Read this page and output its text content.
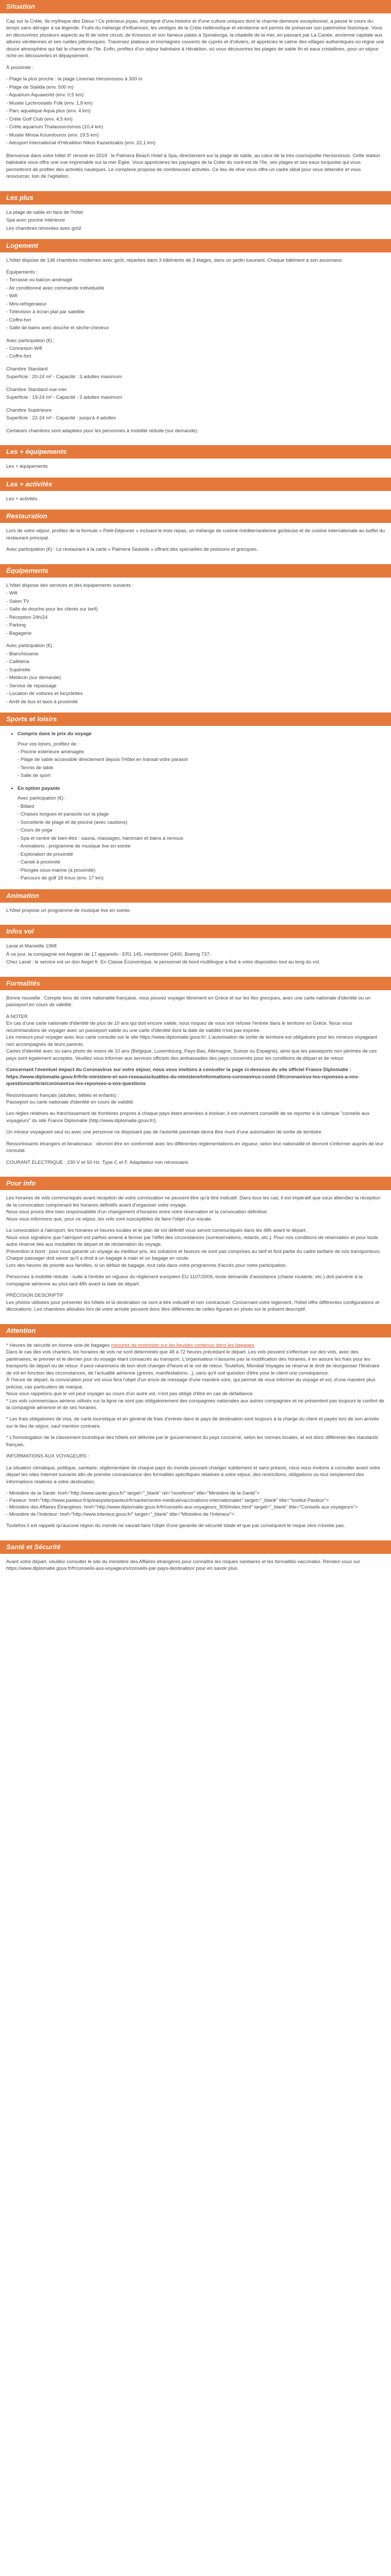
Situation

Cap sur la Crète, île mythique des Dieux ! Ce précieux joyau, imprégné d'une histoire et d'une culture uniques dont le charme demeure exceptionnel, a passé le cours du temps sans déroger à sa légende. Fruits du mélange d'influences, les vestiges de la Crète hellénistique et vénitienne ont permis de préserver son patrimoine historique. Vous en découvrirez plusieurs aspects au fil de votre circuit, de Knossos et son fameux palais à Spinalonga, la citadelle de la mer, en passant par La Canée, ancienne capitale aux allures vénitiennes et ses ruelles pittoresques. Traversez plateaux et montagnes couverts de cyprès et d'oliviers, et appréciez le calme des villages authentiques où règne une douce atmosphère qui fait le charme de l'île. Enfin, profitez d'un séjour balnéaire à Héraklion, où vous découvrirez les plages de sable fin et eaux cristallines, pour un séjour riche en découvertes et dépaysement.

À proximité :

- Plage la plus proche : la plage Limenas Hersonissou à 300 m
- Plage de Stalida (env. 500 m)
- Aquarium Aquaworld (env. 0,5 km)
- Musée Lychnostatis Folk (env. 1,8 km)
- Parc aquatique Aqua plus (env. 4 km)
- Crète Golf Club (env. 4,5 km)
- Crète aquarium Thalassocosmos (10,4 km)
- Musée Minoa Koundouros (env. 19,5 km)
- Aéroport International d'Héraklion Nikos Kazantzakis (env. 22,1 km)

Bienvenue dans votre hôtel 4* rénové en 2019 : le Palmera Beach Hotel à Spa, directement sur la plage de sable, au cœur de la très cosmopolite Hersonissos. Cette station balnéaire vous offre une vue imprenable sur la mer Égée. Vous apprécierez les paysages de la Crète du nord-est de l'île, ses plages et ses eaux turquoise qui vous permettront de profiter des activités nautiques. Le complexe propose de nombreuses activités. Ce lieu de rêve vous offre un cadre idéal pour vous détendre et vous ressourcer, loin de l'agitation.

Les plus
La plage de sable en face de l'hôtel
Spa avec piscine intérieure
Les chambres rénovées avec goût
Logement

L'hôtel dispose de 136 chambres modernes avec goût, réparties dans 3 bâtiments de 3 étages, dans un jardin luxuriant. Chaque bâtiment a son ascenseur.

Équipements :
- Terrasse ou balcon aménagé
- Air conditionné avec commande individuelle
- Wifi
- Mini-réfrigérateur
- Télévision à écran plat par satellite
- Coffre-fort
- Salle de bains avec douche et sèche-cheveux
Avec participation (€) :
- Connexion Wifi
- Coffre-fort
Chambre Standard
Superficie : 20-24 m² - Capacité : 3 adultes maximum
Chambre Standard vue mer
Superficie : 19-24 m² - Capacité : 3 adultes maximum
Chambre Supérieure
Superficie : 22-24 m² - Capacité : jusqu'à 4 adultes

Certaines chambres sont adaptées pour les personnes à mobilité réduite (sur demande).

Les + équipements
Les + équipements
Les + activités
Les + activités
Restauration

Lors de votre séjour, profitez de la formule « Petit-Déjeuner » incluant le trois repas, un mélange de cuisine méditerranéenne goûteuse et de cuisine internationale au buffet du restaurant principal.

Avec participation (€) : Le restaurant à la carte « Palmera Seaside » offrant des spécialités de poissons et grecques.

Équipements
L'hôtel dispose des services et des équipements suivants :
- Wifi
- Salon TV
- Salle de douche pour les clients sur tarif)
- Réception 24h/24
- Parking
- Bagagerie
Avec participation (€) :
- Blanchisserie
- Cafétéria
- Supérette
- Médecin (sur demande)
- Service de repassage
- Location de voitures et bicyclettes
- Arrêt de bus et taxis à proximité
Sports et loisirs
• Compris dans le prix du voyage
Pour vos loisirs, profitez de :
- Piscine extérieure aménagée
- Plage de sable accessible directement depuis l'Hôtel en transat votre parasol
- Tennis de table
- Salle de sport
• En option payante
Avec participation (€) :
- Billard
- Chaises longues et parasols sur la plage
- Sorcellerie de plage et de piscine (avec cautions)
- Cours de yoga
- Spa et centre de bien-être : sauna, massages, hammam et bains à remous
- Animations : programme de musique live en soirée
- Exploration de proximité
- Canoë à proximité
- Plongée sous-marine (à proximité)
- Parcours de golf 18 trous (env. 17 km)
Animation

L'hôtel propose un programme de musique live en soirée.

Infos vol
Laval et Marseille 1968
À ce jour, la compagnie est Aegean de 17 appareils - ER1 145, mentionner Q400, Boeing 737-

Chez Laval : le service est un don Aeget fr. En Classe Économique, le personnel de bord multilingue a fixé à votre disposition tout au long du vol.

Formalités

Bonne nouvelle : Compte tenu de votre nationalité française, vous pouvez voyager librement en Grèce et sur les îles grecques, avec une carte nationale d'identité ou un passeport en cours de validité.

A NOTER
En cas d'une carte nationale d'identité de plus de 10 ans qui doit encore valide, vous risquez de vous voir refuser l'entrée dans le territoire en Grèce. Nous vous recommandons de voyager avec un passeport valide ou une carte d'identité dont la date de validité n'est pas expirée.
Les mineurs pour voyager avec leur carte consulte sur le site https://www.diplomatie.gouv.fr/. L'autorisation de sortie de territoire est obligatoire pour les mineurs voyageant non accompagnés de leurs parents.
Cartes d'identité avec ou sans photo de moins de 10 ans (Belgique, Luxembourg, Pays-Bas, Allemagne, Suisse ou Espagne), ainsi que les passeports non périmés de ces pays sont également acceptés. Veuillez vous informer aux services officiels des ambassades des pays concernés pour les conditions de départ et de retour.

Concernant l'éventuel impact du Coronavirus sur votre séjour, nous vous invitons à consulter la page ci-dessous du site officiel France Diplomatie :
https://www.diplomatie.gouv.fr/fr/le-ministere-et-son-reseau/actualites-du-ministere/informations-coronavirus-covid-19/coronavirus-les-reponses-a-vos-questions/article/coronavirus-les-reponses-a-vos-questions

Ressortissants français (adultes, bébés et enfants) :
Passeport ou carte nationale d'identité en cours de validité.

Les règles relatives au franchissement de frontières propres à chaque pays étant amenées à évoluer, il est vivement conseillé de se reporter à la rubrique "conseils aux voyageurs" du site France Diplomatie (http://www.diplomatie.gouv.fr/).

Un mineur voyageant seul ou avec une personne ne disposant pas de l'autorité parentale devra être muni d'une autorisation de sortie de territoire.

Ressortissants étrangers et binationaux : devront être en conformité avec les différentes réglementations en vigueur, selon leur nationalité et devront s'informer auprès de leur consulat.

COURANT ÉLECTRIQUE : 230 V et 50 Hz. Type C et F. Adaptateur non nécessaire.

Pour info

Les horaires de vols communiqués avant réception de votre convocation ne peuvent être qu'à titre indicatif. Dans tous les cas, il est impératif que vous attendiez la réception de la convocation comprenant les horaires définitifs avant d'organiser votre voyage.
Nous vous prions être bien responsabilité d'un changement d'horaires entre votre réservation et la convocation définitive.
Nous vous informons que, pour ce séjour, les vols sont susceptibles de faire l'objet d'un escale.

La convocation à l'aéroport, les horaires et heures locales et le plan de vol définitif vous seront communiqués dans les 48h avant le départ.
Nous vous signalons que l'aéroport est parfois amené à fermer par l'effet des circonstances (surréservations, retards, etc.). Pour nos conditions de réservation et pour toute autre réserve liée aux modalités de départ et de réclamation du voyage.
Prévention à bord : pour nous garantir un voyage au meilleur prix, les solutions et faveurs ne sont pas comprises au tarif et font partie du cadre tarifaire de nos transporteurs. Chaque passager doit savoir qu'il a droit à un bagage à main et un bagage en soute.
Lors des heures de priorité aux familles, si un défaut de bagage, tout cela dans votre programme d'accès pour notre participation.

Personnes à mobilité réduite : suite à l'entrée en vigueur du règlement européen EU 1107/2006, toute demande d'assistance (chaise roulante, etc.) doit parvenir à la compagnie aérienne au plus tard 48h avant la date de départ.

PRÉCISION DESCRIPTIF
Les photos utilisées pour présenter les hôtels et la destination ne sont à titre indicatif et non contractuel. Concernant votre logement, l'hôtel offre différentes configurations et décorations. Les chambres allouées lors de votre arrivée peuvent donc être différentes de celles figurant en photo sur le présent descriptif.

Attention

* Heures de sécurité en bonne voie de bagages mesures de restriction sur les liquides contenus dans les bagages.
Dans le cas des vols charters, les horaires de vols ne sont déterminés que 48 à 72 heures précédant le départ. Les vols peuvent s'effectuer sur des vols, avec des partenaires, le premier et le dernier jour du voyage étant consacrés au transport. L'organisateur n'assume pas la modification des horaires, il en assure les frais pour les transports de départ ou de retour. Il peut néanmoins de bon droit changer d'heure et le vol de retour. Toutefois, Mondial Voyages se réserve le droit de réorganiser l'itinéraire de vol en fonction des circonstances, de l'actualité aérienne (grèves, manifestations...), sans qu'il soit question d'être pour le client une conséquence.
À l'heure de départ, la convocation pour vol vous fera l'objet d'un envoi de message d'une manière sûre, qui permet de vous informer du voyage et vol, d'une manière plus précise, cas particuliers de marque.
Nous vous rappelons que le vol peut voyager au cours d'un autre vol, n'est pas obligé d'être en cas de défaillance.
* Les vols commerciaux aériens utilisés sur la ligne ne sont pas obligatoirement des compagnies nationales aux autres compagnies et ne présentent pas toujours le confort de la compagnie aérienne et de ses horaires.

* Les frais obligatoires de visa, de carte touristique et en général de frais d'entrée dans le pays de destination sont toujours à la charge du client et payés lors de son arrivée sur le lieu de séjour, sauf mention contraire.

* L'homologation de la classement touristique des hôtels est délivrée par le gouvernement du pays concerné, selon les normes locales, et est donc différente des standards français.

INFORMATIONS AUX VOYAGEURS :

La situation climatique, politique, sanitaire, réglementaire de chaque pays du monde pouvant changer subitement et sans préavis, nous vous invitons à consulter avant votre départ les sites Internet suivants afin de prendre connaissance des formalités spécifiques relatives à votre séjour, des restrictions, obligations ou tout simplement des informations relatives à votre destination.

- Ministère de la Santé: href="http://www.sante.gouv.fr/" target="_blank" rel="noreferrer" title="Ministère de la Santé">
- Pasteur: href="http://www.pasteur.fr/ip/easysite/pasteur/fr/sante/centre-medical/vaccinations-internationales" target="_blank" title="Institut Pasteur">
- Ministère des Affaires Étrangères: href="http://www.diplomatie.gouv.fr/fr/conseils-aux-voyageurs_909/index.html" target="_blank" title="Conseils aux voyageurs">
- Ministère de l'Intérieur: href="http://www.interieur.gouv.fr/" target="_blank" title="Ministère de l'Intérieur">

Toutefois il est rappelé qu'aucune région du monde ne saurait faire l'objet d'une garantie de sécurité totale et que par conséquent le risque zéro n'existe pas.

Santé et Sécurité

Avant votre départ, veuillez consulter le site du ministère des Affaires étrangères pour connaître les risques sanitaires et les formalités vaccinales. Rendez-vous sur https://www.diplomatie.gouv.fr/fr/conseils-aux-voyageurs/conseils-par-pays-destination/ pour en savoir plus.
